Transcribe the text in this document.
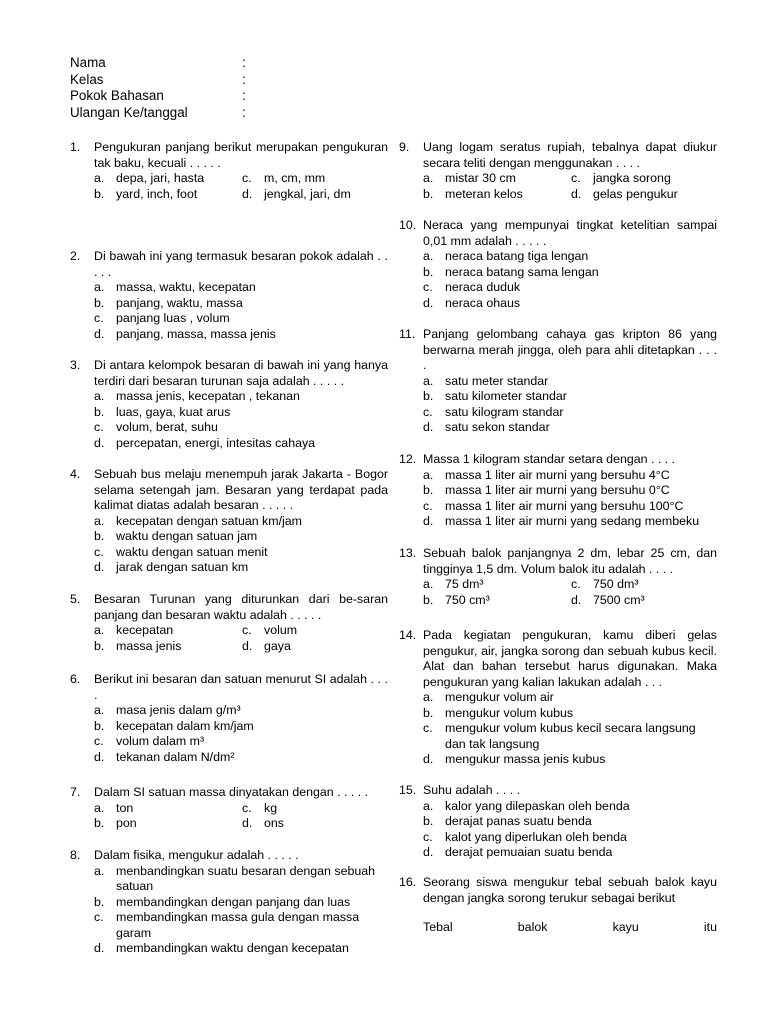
Nama	:
Kelas	:
Pokok Bahasan	:
Ulangan Ke/tanggal	:
1.	Pengukuran panjang berikut merupakan pengukuran tak baku, kecuali . . . . .
a. depa, jari, hasta	c. m, cm, mm
b. yard, inch, foot	d. jengkal, jari, dm
2.	Di bawah ini yang termasuk besaran pokok adalah . . . . .
a. massa, waktu, kecepatan
b. panjang, waktu, massa
c. panjang luas , volum
d. panjang, massa, massa jenis
3.	Di antara kelompok besaran di bawah ini yang hanya terdiri dari besaran turunan saja adalah . . . . .
a. massa jenis, kecepatan , tekanan
b. luas, gaya, kuat arus
c. volum, berat, suhu
d. percepatan, energi, intesitas cahaya
4.	Sebuah bus melaju menempuh jarak Jakarta - Bogor selama setengah jam. Besaran yang terdapat pada kalimat diatas adalah besaran . . . . .
a. kecepatan dengan satuan km/jam
b. waktu dengan satuan jam
c. waktu dengan satuan menit
d. jarak dengan satuan km
5.	Besaran Turunan yang diturunkan dari be-saran panjang dan besaran waktu adalah . . . . .
a. kecepatan	c. volum
b. massa jenis	d. gaya
6.	Berikut ini besaran dan satuan menurut SI adalah . . . .
a. masa jenis dalam g/m³
b. kecepatan dalam km/jam
c. volum dalam m³
d. tekanan dalam N/dm²
7.	Dalam SI satuan massa dinyatakan dengan . . . . .
a. ton	c. kg
b. pon	d. ons
8.	Dalam fisika, mengukur adalah . . . . .
a. menbandingkan suatu besaran dengan sebuah satuan
b. membandingkan dengan panjang dan luas
c. membandingkan massa gula dengan massa garam
d. membandingkan waktu dengan kecepatan
9.	Uang logam seratus rupiah, tebalnya dapat diukur secara teliti dengan menggunakan . . . .
a. mistar 30 cm	c. jangka sorong
b. meteran kelos	d. gelas pengukur
10. Neraca yang mempunyai tingkat ketelitian sampai 0,01 mm adalah . . . . .
a. neraca batang tiga lengan
b. neraca batang sama lengan
c. neraca duduk
d. neraca ohaus
11. Panjang gelombang cahaya gas kripton 86 yang berwarna merah jingga, oleh para ahli ditetapkan . . . .
a. satu meter standar
b. satu kilometer standar
c. satu kilogram standar
d. satu sekon standar
12. Massa 1 kilogram standar setara dengan . . . .
a. massa 1 liter air murni yang bersuhu 4°C
b. massa 1 liter air murni yang bersuhu 0°C
c. massa 1 liter air murni yang bersuhu 100°C
d. massa 1 liter air murni yang sedang membeku
13. Sebuah balok panjangnya 2 dm, lebar 25 cm, dan tingginya 1,5 dm. Volum balok itu adalah . . . .
a. 75 dm³	c. 750 dm³
b. 750 cm³	d. 7500 cm³
14. Pada kegiatan pengukuran, kamu diberi gelas pengukur, air, jangka sorong dan sebuah kubus kecil. Alat dan bahan tersebut harus digunakan. Maka pengukuran yang kalian lakukan adalah . . .
a. mengukur volum air
b. mengukur volum kubus
c. mengukur volum kubus kecil secara langsung dan tak langsung
d. mengukur massa jenis kubus
15. Suhu adalah . . . .
a. kalor yang dilepaskan oleh benda
b. derajat panas suatu benda
c. kalot yang diperlukan oleh benda
d. derajat pemuaian suatu benda
16. Seorang siswa mengukur tebal sebuah balok kayu dengan jangka sorong terukur sebagai berikut
Tebal	balok	kayu	itu
